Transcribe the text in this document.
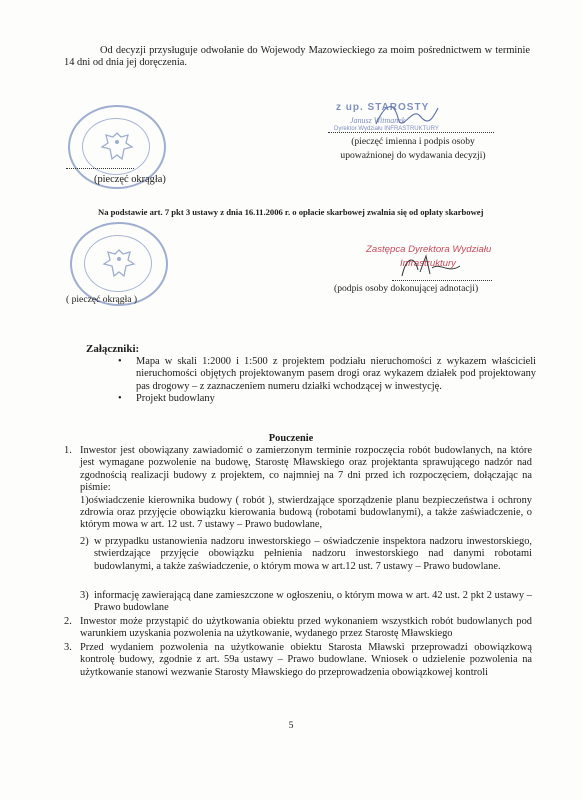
Od decyzji przysługuje odwołanie do Wojewody Mazowieckiego za moim pośrednictwem w terminie 14 dni od dnia jej doręczenia.
(pieczęć okrągła)
z up. STAROSTY
Janusz Witmanek
Dyrektor Wydziału INFRASTRUKTURY
(pieczęć imienna i podpis osoby
upoważnionej do wydawania decyzji)
Na podstawie art. 7 pkt 3 ustawy z dnia 16.11.2006 r. o opłacie skarbowej zwalnia się od opłaty skarbowej
( pieczęć okrągła )
Zastępca Dyrektora Wydziału
Infrastruktury
(podpis osoby dokonującej adnotacji)
Załączniki:
• Mapa w skali 1:2000 i 1:500 z projektem podziału nieruchomości z wykazem właścicieli nieruchomości objętych projektowanym pasem drogi oraz wykazem działek pod projektowany pas drogowy – z zaznaczeniem numeru działki wchodzącej w inwestycję.
• Projekt budowlany
Pouczenie
1. Inwestor jest obowiązany zawiadomić o zamierzonym terminie rozpoczęcia robót budowlanych, na które jest wymagane pozwolenie na budowę, Starostę Mławskiego oraz projektanta sprawującego nadzór nad zgodnością realizacji budowy z projektem, co najmniej na 7 dni przed ich rozpoczęciem, dołączając na piśmie:
1)oświadczenie kierownika budowy ( robót ), stwierdzające sporządzenie planu bezpieczeństwa i ochrony zdrowia oraz przyjęcie obowiązku kierowania budową (robotami budowlanymi), a także zaświadczenie, o którym mowa w art. 12 ust. 7 ustawy – Prawo budowlane,
2) w przypadku ustanowienia nadzoru inwestorskiego – oświadczenie inspektora nadzoru inwestorskiego, stwierdzające przyjęcie obowiązku pełnienia nadzoru inwestorskiego nad danymi robotami budowlanymi, a także zaświadczenie, o którym mowa w art.12 ust. 7 ustawy – Prawo budowlane.
3) informację zawierającą dane zamieszczone w ogłoszeniu, o którym mowa w art. 42 ust. 2 pkt 2 ustawy – Prawo budowlane
2. Inwestor może przystąpić do użytkowania obiektu przed wykonaniem wszystkich robót budowlanych pod warunkiem uzyskania pozwolenia na użytkowanie, wydanego przez Starostę Mławskiego
3. Przed wydaniem pozwolenia na użytkowanie obiektu Starosta Mławski przeprowadzi obowiązkową kontrolę budowy, zgodnie z art. 59a ustawy – Prawo budowlane. Wniosek o udzielenie pozwolenia na użytkowanie stanowi wezwanie Starosty Mławskiego do przeprowadzenia obowiązkowej kontroli
5
